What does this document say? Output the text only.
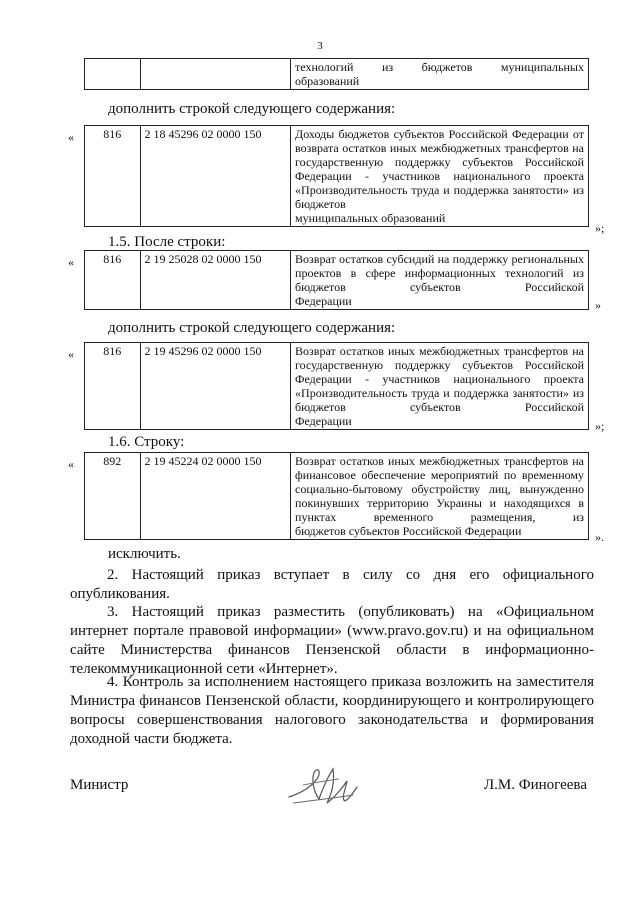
3

технологий из бюджетов муниципальных
образований
дополнить строкой следующего содержания:
« 816	2 18 45296 02 0000 150	Доходы бюджетов субъектов Российской Федерации от возврата остатков иных межбюджетных трансфертов на государственную поддержку субъектов Российской Федерации - участников национального проекта «Производительность труда и поддержка занятости» из бюджетов
муниципальных образований
»;
1.5. После строки:
« 816	2 19 25028 02 0000 150	Возврат остатков субсидий на поддержку региональных проектов в сфере информационных технологий из бюджетов субъектов Российской
Федерации	»
дополнить строкой следующего содержания:
« 816	2 19 45296 02 0000 150	Возврат остатков иных межбюджетных трансфертов на государственную поддержку субъектов Российской Федерации - участников национального проекта «Производительность труда и поддержка занятости» из бюджетов субъектов Российской
Федерации	»;
1.6. Строку:
« 892	2 19 45224 02 0000 150	Возврат остатков иных межбюджетных трансфертов на финансовое обеспечение мероприятий по временному социально-бытовому обустройству лиц, вынужденно покинувших территорию Украины и находящихся в пунктах временного размещения, из
бюджетов субъектов Российской Федерации	».
исключить.
2. Настоящий приказ вступает в силу со дня его официального опубликования.
3. Настоящий приказ разместить (опубликовать) на «Официальном интернет портале правовой информации» (www.pravo.gov.ru) и на официальном сайте Министерства финансов Пензенской области в информационно-телекоммуникационной сети «Интернет».
4. Контроль за исполнением настоящего приказа возложить на заместителя Министра финансов Пензенской области, координирующего и контролирующего вопросы совершенствования налогового законодательства и формирования доходной части бюджета.
Министр	Л.М. Финогеева
